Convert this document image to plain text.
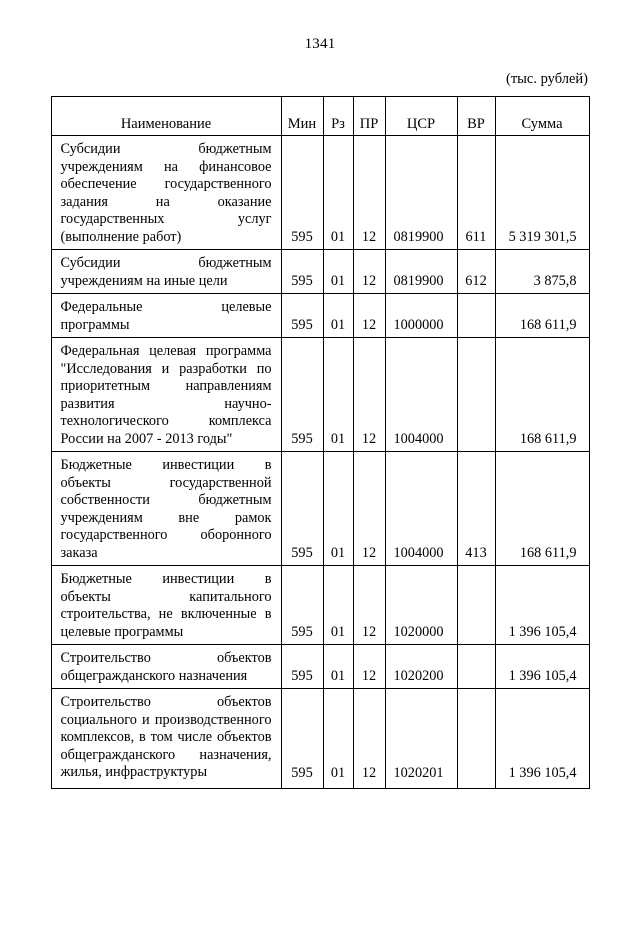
1341
(тыс. рублей)
Наименование	Мин	Рз	ПР	ЦСР	ВР	Сумма
Субсидии бюджетным учреждениям на финансовое обеспечение государственного задания на оказание государственных услуг
(выполнение работ)	595	01	12	0819900	611	5 319 301,5
Субсидии бюджетным
учреждениям на иные цели	595	01	12	0819900	612	3 875,8
Федеральные целевые
программы	595	01	12	1000000		168 611,9
Федеральная целевая программа "Исследования и разработки по приоритетным направлениям развития научно-технологического комплекса
России на 2007 - 2013 годы"	595	01	12	1004000		168 611,9
Бюджетные инвестиции в объекты государственной собственности бюджетным учреждениям вне рамок государственного оборонного
заказа	595	01	12	1004000	413	168 611,9
Бюджетные инвестиции в объекты капитального строительства, не включенные в
целевые программы	595	01	12	1020000		1 396 105,4
Строительство объектов
общегражданского назначения	595	01	12	1020200		1 396 105,4
Строительство объектов социального и производственного комплексов, в том числе объектов общегражданского назначения,
жилья, инфраструктуры	595	01	12	1020201		1 396 105,4
